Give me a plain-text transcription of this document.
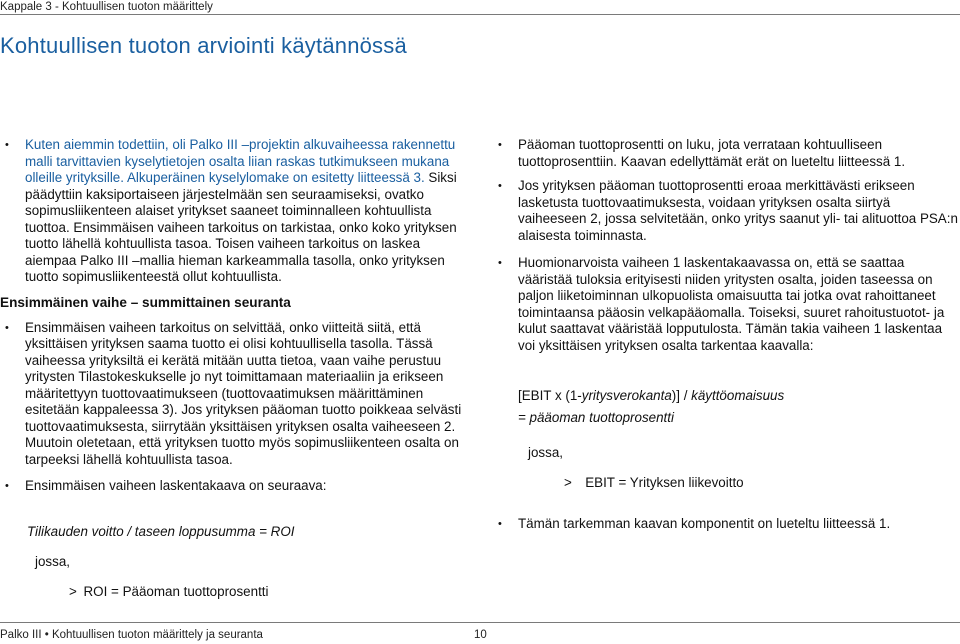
Kappale 3 - Kohtuullisen tuoton määrittely
Kohtuullisen tuoton arviointi käytännössä
• Kuten aiemmin todettiin, oli Palko III –projektin alkuvaiheessa rakennettu malli tarvittavien kyselytietojen osalta liian raskas tutkimukseen mukana olleille yrityksille. Alkuperäinen kyselylomake on esitetty liitteessä 3. Siksi päädyttiin kaksiportaiseen järjestelmään sen seuraamiseksi, ovatko sopimusliikenteen alaiset yritykset saaneet toiminnalleen kohtuullista tuottoa. Ensimmäisen vaiheen tarkoitus on tarkistaa, onko koko yrityksen tuotto lähellä kohtuullista tasoa. Toisen vaiheen tarkoitus on laskea aiempaa Palko III –mallia hieman karkeammalla tasolla, onko yrityksen tuotto sopimusliikenteestä ollut kohtuullista.
Ensimmäinen vaihe – summittainen seuranta
• Ensimmäisen vaiheen tarkoitus on selvittää, onko viitteitä siitä, että yksittäisen yrityksen saama tuotto ei olisi kohtuullisella tasolla. Tässä vaiheessa yrityksiltä ei kerätä mitään uutta tietoa, vaan vaihe perustuu yritysten Tilastokeskukselle jo nyt toimittamaan materiaaliin ja erikseen määritettyyn tuottovaatimukseen (tuottovaatimuksen määrittäminen esitetään kappaleessa 3). Jos yrityksen pääoman tuotto poikkeaa selvästi tuottovaatimuksesta, siirrytään yksittäisen yrityksen osalta vaiheeseen 2. Muutoin oletetaan, että yrityksen tuotto myös sopimusliikenteen osalta on tarpeeksi lähellä kohtuullista tasoa.
• Ensimmäisen vaiheen laskentakaava on seuraava:
Tilikauden voitto / taseen loppusumma = ROI
jossa,
> ROI = Pääoman tuottoprosentti
• Pääoman tuottoprosentti on luku, jota verrataan kohtuulliseen tuottoprosenttiin. Kaavan edellyttämät erät on lueteltu liitteessä 1.
• Jos yrityksen pääoman tuottoprosentti eroaa merkittävästi erikseen lasketusta tuottovaatimuksesta, voidaan yrityksen osalta siirtyä vaiheeseen 2, jossa selvitetään, onko yritys saanut yli- tai alituottoa PSA:n alaisesta toiminnasta.
• Huomionarvoista vaiheen 1 laskentakaavassa on, että se saattaa vääristää tuloksia erityisesti niiden yritysten osalta, joiden taseessa on paljon liiketoiminnan ulkopuolista omaisuutta tai jotka ovat rahoittaneet toimintaansa pääosin velkapääomalla. Toiseksi, suuret rahoitustuotot- ja kulut saattavat vääristää lopputulosta. Tämän takia vaiheen 1 laskentaa voi yksittäisen yrityksen osalta tarkentaa kaavalla:
[EBIT x (1-yritysverokanta)] / käyttöomaisuus
= pääoman tuottoprosentti
jossa,
>  EBIT = Yrityksen liikevoitto
• Tämän tarkemman kaavan komponentit on lueteltu liitteessä 1.
Palko III • Kohtuullisen tuoton määrittely ja seuranta	10
